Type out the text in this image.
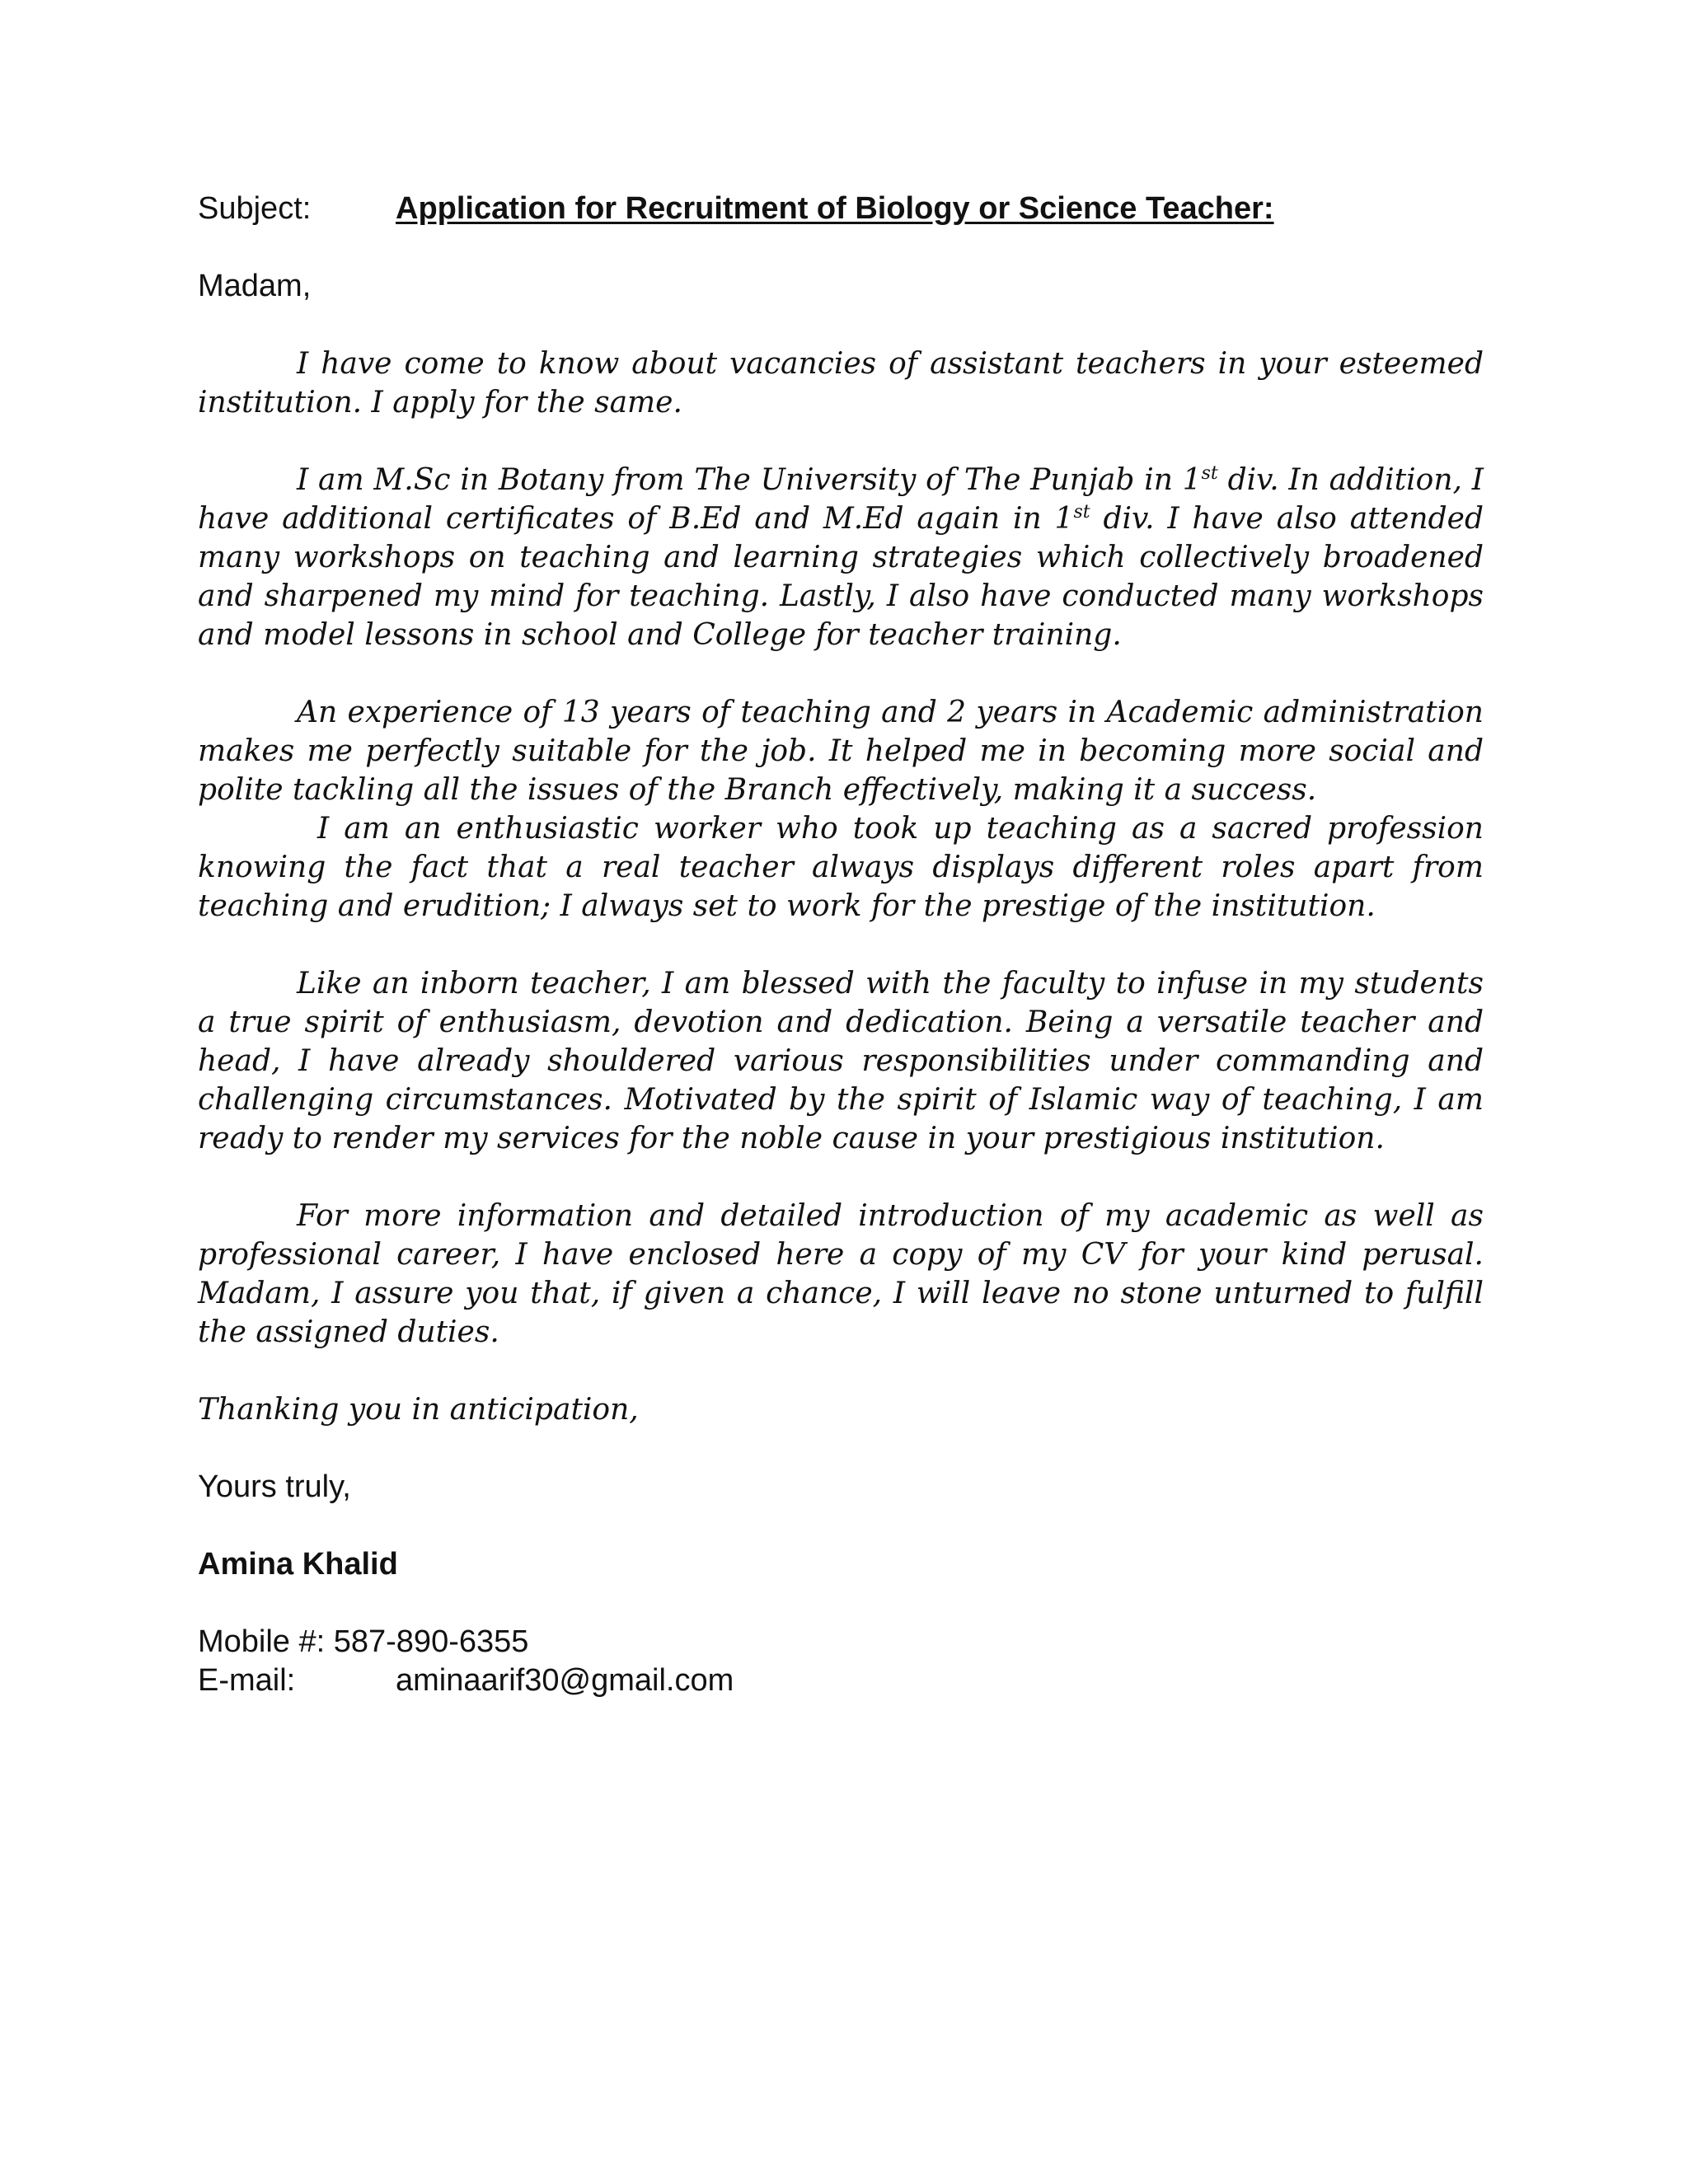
Subject:	Application for Recruitment of Biology or Science Teacher:
Madam,

I have come to know about vacancies of assistant teachers in your esteemed institution. I apply for the same.

I am M.Sc in Botany from The University of The Punjab in 1st div. In addition, I have additional certificates of B.Ed and M.Ed again in 1st div. I have also attended many workshops on teaching and learning strategies which collectively broadened and sharpened my mind for teaching. Lastly, I also have conducted many workshops and model lessons in school and College for teacher training.

An experience of 13 years of teaching and 2 years in Academic administration makes me perfectly suitable for the job. It helped me in becoming more social and polite tackling all the issues of the Branch effectively, making it a success.

I am an enthusiastic worker who took up teaching as a sacred profession knowing the fact that a real teacher always displays different roles apart from teaching and erudition; I always set to work for the prestige of the institution.

Like an inborn teacher, I am blessed with the faculty to infuse in my students a true spirit of enthusiasm, devotion and dedication. Being a versatile teacher and head, I have already shouldered various responsibilities under commanding and challenging circumstances. Motivated by the spirit of Islamic way of teaching, I am ready to render my services for the noble cause in your prestigious institution.

For more information and detailed introduction of my academic as well as professional career, I have enclosed here a copy of my CV for your kind perusal. Madam, I assure you that, if given a chance, I will leave no stone unturned to fulfill the assigned duties.

Thanking you in anticipation,

Yours truly,
Amina Khalid
Mobile #: 587-890-6355
E-mail:	aminaarif30@gmail.com
